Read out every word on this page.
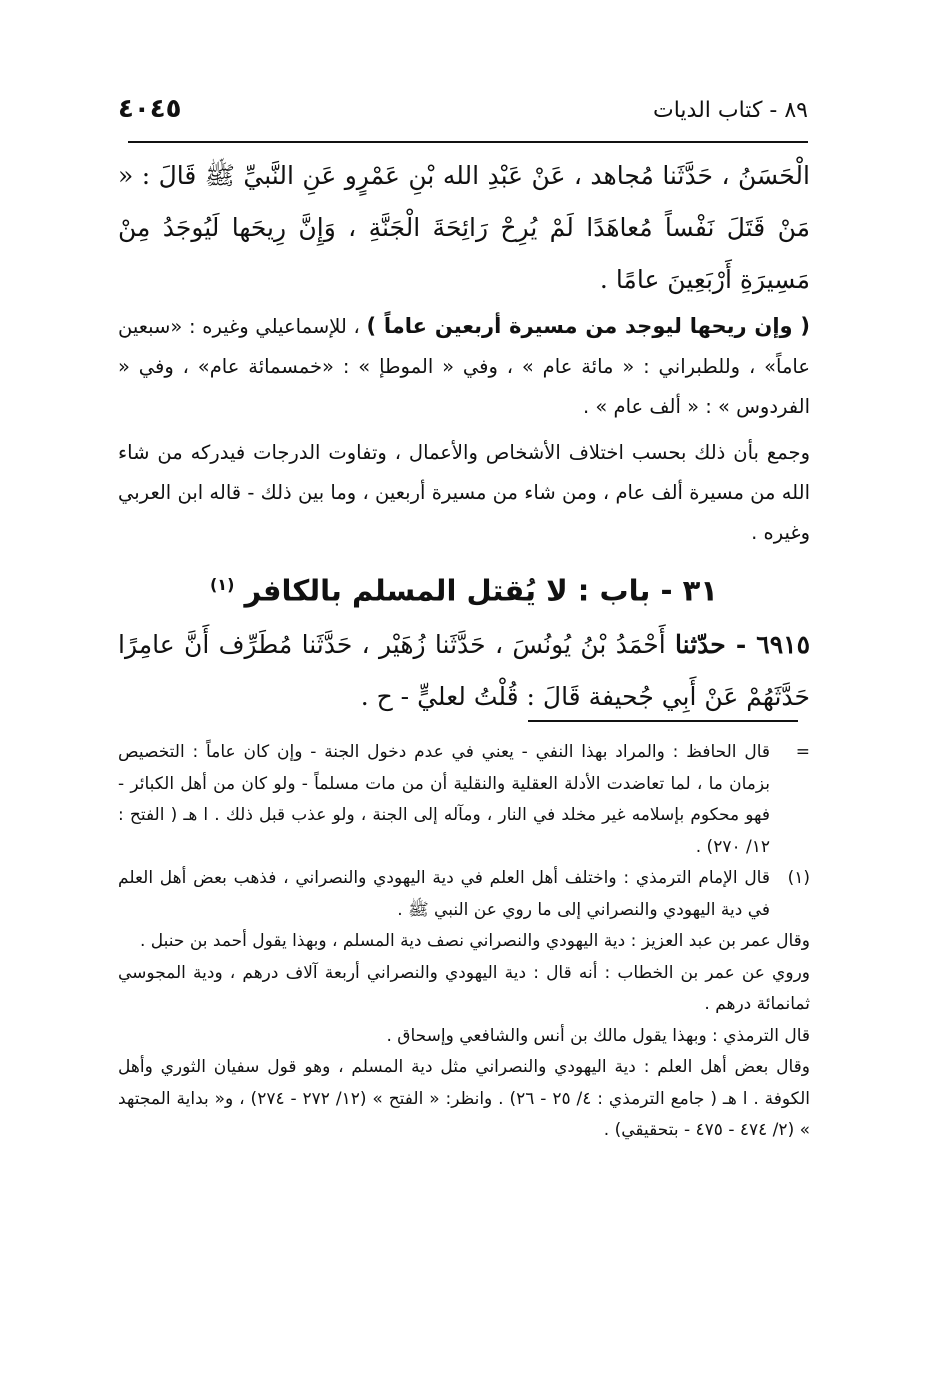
٨٩ - كتاب الديات
٤٠٤٥

الْحَسَنُ ، حَدَّثَنا مُجاهد ، عَنْ عَبْدِ الله بْنِ عَمْرٍو عَنِ النَّبيِّ ﷺ قَالَ : « مَنْ قَتَلَ نَفْساً مُعاهَدًا لَمْ يُرِحْ رَائِحَةَ الْجَنَّةِ ، وَإِنَّ رِيحَها لَيُوجَدُ مِنْ مَسِيرَةِ أَرْبَعِينَ عامًا .

( وإن ريحها ليوجد من مسيرة أربعين عاماً ) ، للإسماعيلي وغيره : «سبعين عاماً» ، وللطبراني : « مائة عام » ، وفي « الموطإ » : «خمسمائة عام» ، وفي « الفردوس » : « ألف عام » .

وجمع بأن ذلك بحسب اختلاف الأشخاص والأعمال ، وتفاوت الدرجات فيدركه من شاء الله من مسيرة ألف عام ، ومن شاء من مسيرة أربعين ، وما بين ذلك - قاله ابن العربي وغيره .

٣١ - باب : لا يُقتل المسلم بالكافر $^{(١)}$

٦٩١٥ - حدّثنا أَحْمَدُ بْنُ يُونُسَ ، حَدَّثَنا زُهَيْر ، حَدَّثَنا مُطَرِّف أَنَّ عامِرًا حَدَّثَهُمْ عَنْ أَبِي جُحيفة قَالَ : قُلْتُ لعليٍّ - ح .

=
قال الحافظ : والمراد بهذا النفي - يعني في عدم دخول الجنة - وإن كان عاماً : التخصيص بزمان ما ، لما تعاضدت الأدلة العقلية والنقلية أن من مات مسلماً - ولو كان من أهل الكبائر - فهو محكوم بإسلامه غير مخلد في النار ، ومآله إلى الجنة ، ولو عذب قبل ذلك . ا هـ ( الفتح : ١٢/ ٢٧٠) .

(١)
قال الإمام الترمذي : واختلف أهل العلم في دية اليهودي والنصراني ، فذهب بعض أهل العلم في دية اليهودي والنصراني إلى ما روي عن النبي ﷺ .

وقال عمر بن عبد العزيز : دية اليهودي والنصراني نصف دية المسلم ، وبهذا يقول أحمد بن حنبل .

وروي عن عمر بن الخطاب : أنه قال : دية اليهودي والنصراني أربعة آلاف درهم ، ودية المجوسي ثمانمائة درهم .

قال الترمذي : وبهذا يقول مالك بن أنس والشافعي وإسحاق .

وقال بعض أهل العلم : دية اليهودي والنصراني مثل دية المسلم ، وهو قول سفيان الثوري وأهل الكوفة . ا هـ ( جامع الترمذي : ٤/ ٢٥ - ٢٦) . وانظر: « الفتح » (١٢/ ٢٧٢ - ٢٧٤) ، و« بداية المجتهد » (٢/ ٤٧٤ - ٤٧٥ - بتحقيقي) .
